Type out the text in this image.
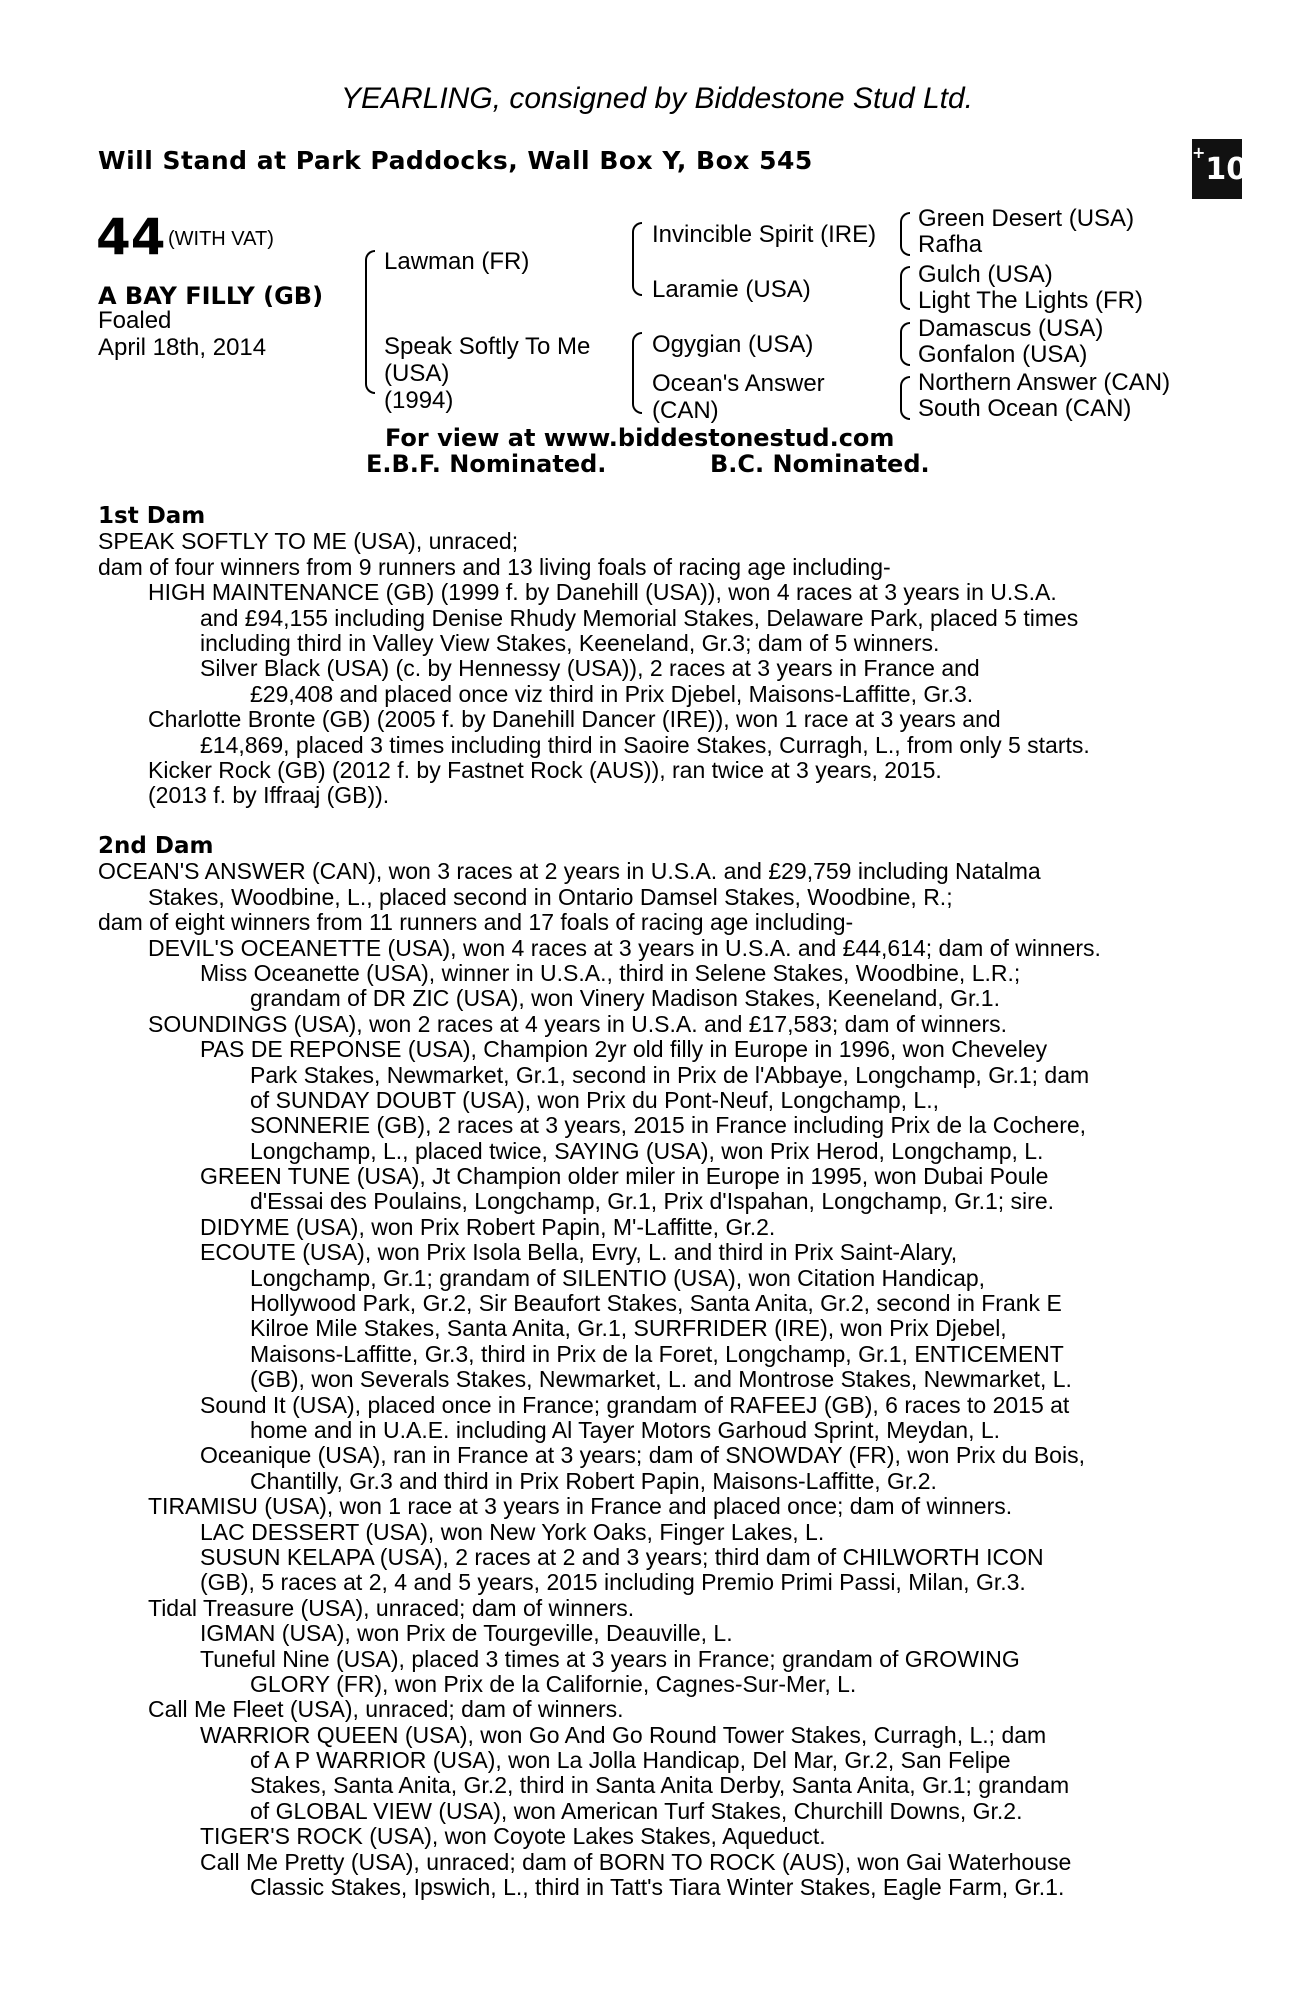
YEARLING, consigned by Biddestone Stud Ltd.
Will Stand at Park Paddocks, Wall Box Y, Box 545	+10
44 (WITH VAT)
A BAY FILLY (GB)
Foaled
April 18th, 2014
Lawman (FR)
Speak Softly To Me
(USA)
(1994)
Invincible Spirit (IRE)
Laramie (USA)
Ogygian (USA)
Ocean's Answer
(CAN)
Green Desert (USA)
Rafha
Gulch (USA)
Light The Lights (FR)
Damascus (USA)
Gonfalon (USA)
Northern Answer (CAN)
South Ocean (CAN)
For view at www.biddestonestud.com
E.B.F. Nominated.	B.C. Nominated.
1st Dam
SPEAK SOFTLY TO ME (USA), unraced;
dam of four winners from 9 runners and 13 living foals of racing age including-
HIGH MAINTENANCE (GB) (1999 f. by Danehill (USA)), won 4 races at 3 years in U.S.A.
and £94,155 including Denise Rhudy Memorial Stakes, Delaware Park, placed 5 times
including third in Valley View Stakes, Keeneland, Gr.3; dam of 5 winners.
Silver Black (USA) (c. by Hennessy (USA)), 2 races at 3 years in France and
£29,408 and placed once viz third in Prix Djebel, Maisons-Laffitte, Gr.3.
Charlotte Bronte (GB) (2005 f. by Danehill Dancer (IRE)), won 1 race at 3 years and
£14,869, placed 3 times including third in Saoire Stakes, Curragh, L., from only 5 starts.
Kicker Rock (GB) (2012 f. by Fastnet Rock (AUS)), ran twice at 3 years, 2015.
(2013 f. by Iffraaj (GB)).
2nd Dam
OCEAN'S ANSWER (CAN), won 3 races at 2 years in U.S.A. and £29,759 including Natalma
Stakes, Woodbine, L., placed second in Ontario Damsel Stakes, Woodbine, R.;
dam of eight winners from 11 runners and 17 foals of racing age including-
DEVIL'S OCEANETTE (USA), won 4 races at 3 years in U.S.A. and £44,614; dam of winners.
Miss Oceanette (USA), winner in U.S.A., third in Selene Stakes, Woodbine, L.R.;
grandam of DR ZIC (USA), won Vinery Madison Stakes, Keeneland, Gr.1.
SOUNDINGS (USA), won 2 races at 4 years in U.S.A. and £17,583; dam of winners.
PAS DE REPONSE (USA), Champion 2yr old filly in Europe in 1996, won Cheveley
Park Stakes, Newmarket, Gr.1, second in Prix de l'Abbaye, Longchamp, Gr.1; dam
of SUNDAY DOUBT (USA), won Prix du Pont-Neuf, Longchamp, L.,
SONNERIE (GB), 2 races at 3 years, 2015 in France including Prix de la Cochere,
Longchamp, L., placed twice, SAYING (USA), won Prix Herod, Longchamp, L.
GREEN TUNE (USA), Jt Champion older miler in Europe in 1995, won Dubai Poule
d'Essai des Poulains, Longchamp, Gr.1, Prix d'Ispahan, Longchamp, Gr.1; sire.
DIDYME (USA), won Prix Robert Papin, M'-Laffitte, Gr.2.
ECOUTE (USA), won Prix Isola Bella, Evry, L. and third in Prix Saint-Alary,
Longchamp, Gr.1; grandam of SILENTIO (USA), won Citation Handicap,
Hollywood Park, Gr.2, Sir Beaufort Stakes, Santa Anita, Gr.2, second in Frank E
Kilroe Mile Stakes, Santa Anita, Gr.1, SURFRIDER (IRE), won Prix Djebel,
Maisons-Laffitte, Gr.3, third in Prix de la Foret, Longchamp, Gr.1, ENTICEMENT
(GB), won Severals Stakes, Newmarket, L. and Montrose Stakes, Newmarket, L.
Sound It (USA), placed once in France; grandam of RAFEEJ (GB), 6 races to 2015 at
home and in U.A.E. including Al Tayer Motors Garhoud Sprint, Meydan, L.
Oceanique (USA), ran in France at 3 years; dam of SNOWDAY (FR), won Prix du Bois,
Chantilly, Gr.3 and third in Prix Robert Papin, Maisons-Laffitte, Gr.2.
TIRAMISU (USA), won 1 race at 3 years in France and placed once; dam of winners.
LAC DESSERT (USA), won New York Oaks, Finger Lakes, L.
SUSUN KELAPA (USA), 2 races at 2 and 3 years; third dam of CHILWORTH ICON
(GB), 5 races at 2, 4 and 5 years, 2015 including Premio Primi Passi, Milan, Gr.3.
Tidal Treasure (USA), unraced; dam of winners.
IGMAN (USA), won Prix de Tourgeville, Deauville, L.
Tuneful Nine (USA), placed 3 times at 3 years in France; grandam of GROWING
GLORY (FR), won Prix de la Californie, Cagnes-Sur-Mer, L.
Call Me Fleet (USA), unraced; dam of winners.
WARRIOR QUEEN (USA), won Go And Go Round Tower Stakes, Curragh, L.; dam
of A P WARRIOR (USA), won La Jolla Handicap, Del Mar, Gr.2, San Felipe
Stakes, Santa Anita, Gr.2, third in Santa Anita Derby, Santa Anita, Gr.1; grandam
of GLOBAL VIEW (USA), won American Turf Stakes, Churchill Downs, Gr.2.
TIGER'S ROCK (USA), won Coyote Lakes Stakes, Aqueduct.
Call Me Pretty (USA), unraced; dam of BORN TO ROCK (AUS), won Gai Waterhouse
Classic Stakes, Ipswich, L., third in Tatt's Tiara Winter Stakes, Eagle Farm, Gr.1.
